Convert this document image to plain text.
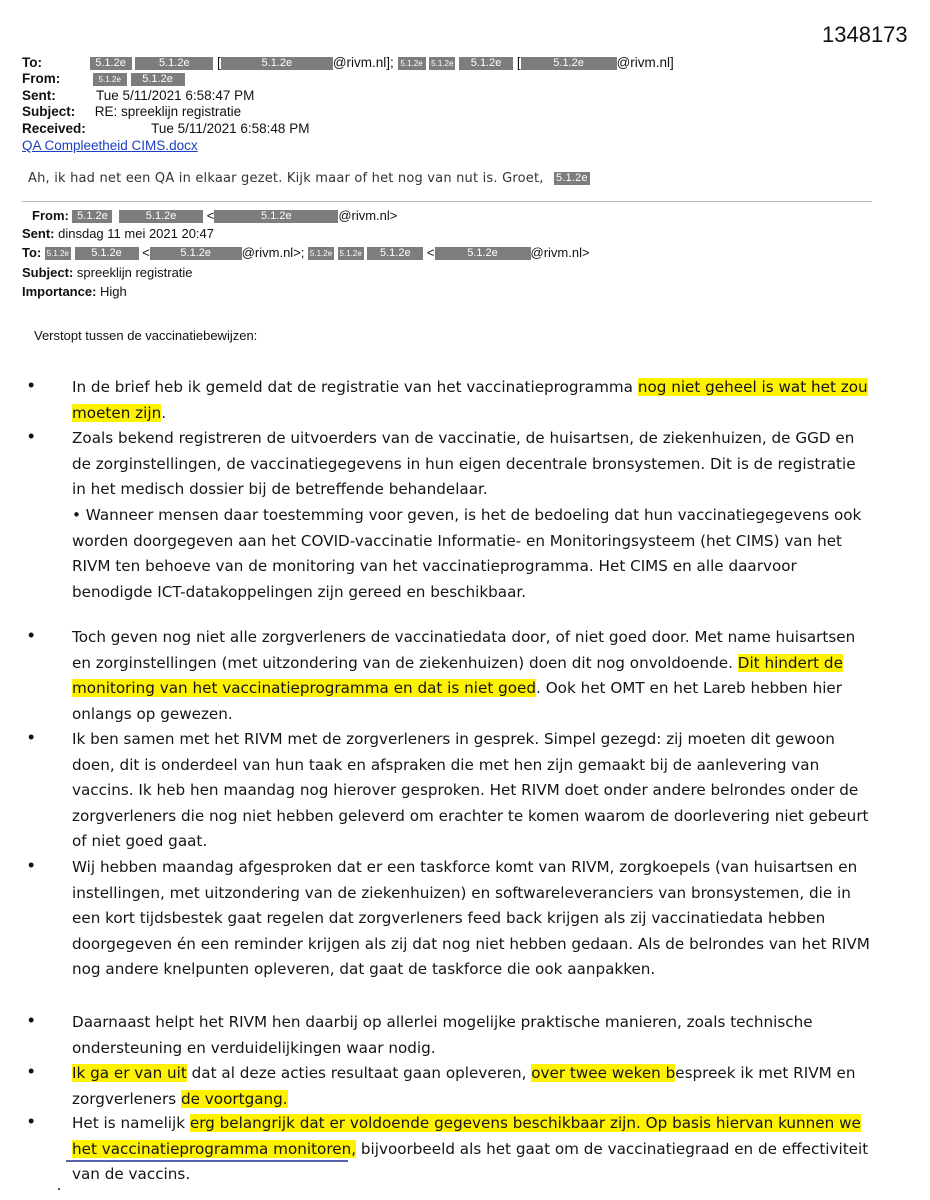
1348173
To:	5.1.2e	5.1.2e [	5.1.2e	@rivm.nl]; 5.1.2e 5.1.2e 5.1.2e [	5.1.2e @rivm.nl]
From:	5.1.2e 5.1.2e
Sent:	Tue 5/11/2021 6:58:47 PM
Subject: RE: spreeklijn registratie
Received:	Tue 5/11/2021 6:58:48 PM
QA Compleetheid CIMS.docx
Ah, ik had net een QA in elkaar gezet. Kijk maar of het nog van nut is. Groet, 5.1.2e
From: 5.1.2e	5.1.2e <	5.1.2e	@rivm.nl>
Sent: dinsdag 11 mei 2021 20:47
To: 5.1.2e 5.1.2e <	5.1.2e @rivm.nl>; 5.1.2e 5.1.2e 5.1.2e <	5.1.2e	@rivm.nl>
Subject: spreeklijn registratie
Importance: High
Verstopt tussen de vaccinatiebewijzen:
•
•
•
•
•
•
•
•
In de brief heb ik gemeld dat de registratie van het vaccinatieprogramma nog niet geheel is wat het zou moeten zijn.
Zoals bekend registreren de uitvoerders van de vaccinatie, de huisartsen, de ziekenhuizen, de GGD en de zorginstellingen, de vaccinatiegegevens in hun eigen decentrale bronsystemen. Dit is de registratie in het medisch dossier bij de betreffende behandelaar.
• Wanneer mensen daar toestemming voor geven, is het de bedoeling dat hun vaccinatiegegevens ook worden doorgegeven aan het COVID-vaccinatie Informatie- en Monitoringsysteem (het CIMS) van het RIVM ten behoeve van de monitoring van het vaccinatieprogramma. Het CIMS en alle daarvoor benodigde ICT-datakoppelingen zijn gereed en beschikbaar.
Toch geven nog niet alle zorgverleners de vaccinatiedata door, of niet goed door. Met name huisartsen en zorginstellingen (met uitzondering van de ziekenhuizen) doen dit nog onvoldoende. Dit hindert de monitoring van het vaccinatieprogramma en dat is niet goed. Ook het OMT en het Lareb hebben hier onlangs op gewezen.
Ik ben samen met het RIVM met de zorgverleners in gesprek. Simpel gezegd: zij moeten dit gewoon doen, dit is onderdeel van hun taak en afspraken die met hen zijn gemaakt bij de aanlevering van vaccins. Ik heb hen maandag nog hierover gesproken. Het RIVM doet onder andere belrondes onder de zorgverleners die nog niet hebben geleverd om erachter te komen waarom de doorlevering niet gebeurt of niet goed gaat.
Wij hebben maandag afgesproken dat er een taskforce komt van RIVM, zorgkoepels (van huisartsen en instellingen, met uitzondering van de ziekenhuizen) en softwareleveranciers van bronsystemen, die in een kort tijdsbestek gaat regelen dat zorgverleners feed back krijgen als zij vaccinatiedata hebben doorgegeven én een reminder krijgen als zij dat nog niet hebben gedaan. Als de belrondes van het RIVM nog andere knelpunten opleveren, dat gaat de taskforce die ook aanpakken.
Daarnaast helpt het RIVM hen daarbij op allerlei mogelijke praktische manieren, zoals technische ondersteuning en verduidelijkingen waar nodig.
Ik ga er van uit dat al deze acties resultaat gaan opleveren, over twee weken bespreek ik met RIVM en zorgverleners de voortgang.
Het is namelijk erg belangrijk dat er voldoende gegevens beschikbaar zijn. Op basis hiervan kunnen we het vaccinatieprogramma monitoren, bijvoorbeeld als het gaat om de vaccinatiegraad en de effectiviteit van de vaccins.
